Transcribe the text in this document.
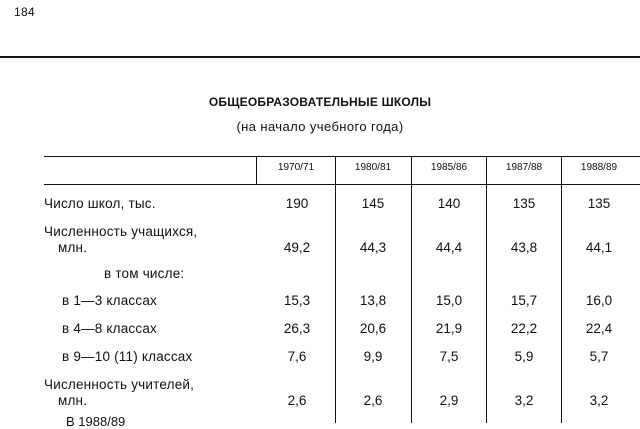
184
ОБЩЕОБРАЗОВАТЕЛЬНЫЕ ШКОЛЫ
(на начало учебного года)
1970/71	1980/81	1985/86	1987/88	1988/89
Число школ, тыс.	190	145	140	135	135
Численность учащихся,
млн.	49,2	44,3	44,4	43,8	44,1
в том числе:
в 1—3 классах	15,3	13,8	15,0	15,7	16,0
в 4—8 классах	26,3	20,6	21,9	22,2	22,4
в 9—10 (11) классах	7,6	9,9	7,5	5,9	5,7
Численность учителей,
млн.	2,6	2,6	2,9	3,2	3,2
В 1988/89
